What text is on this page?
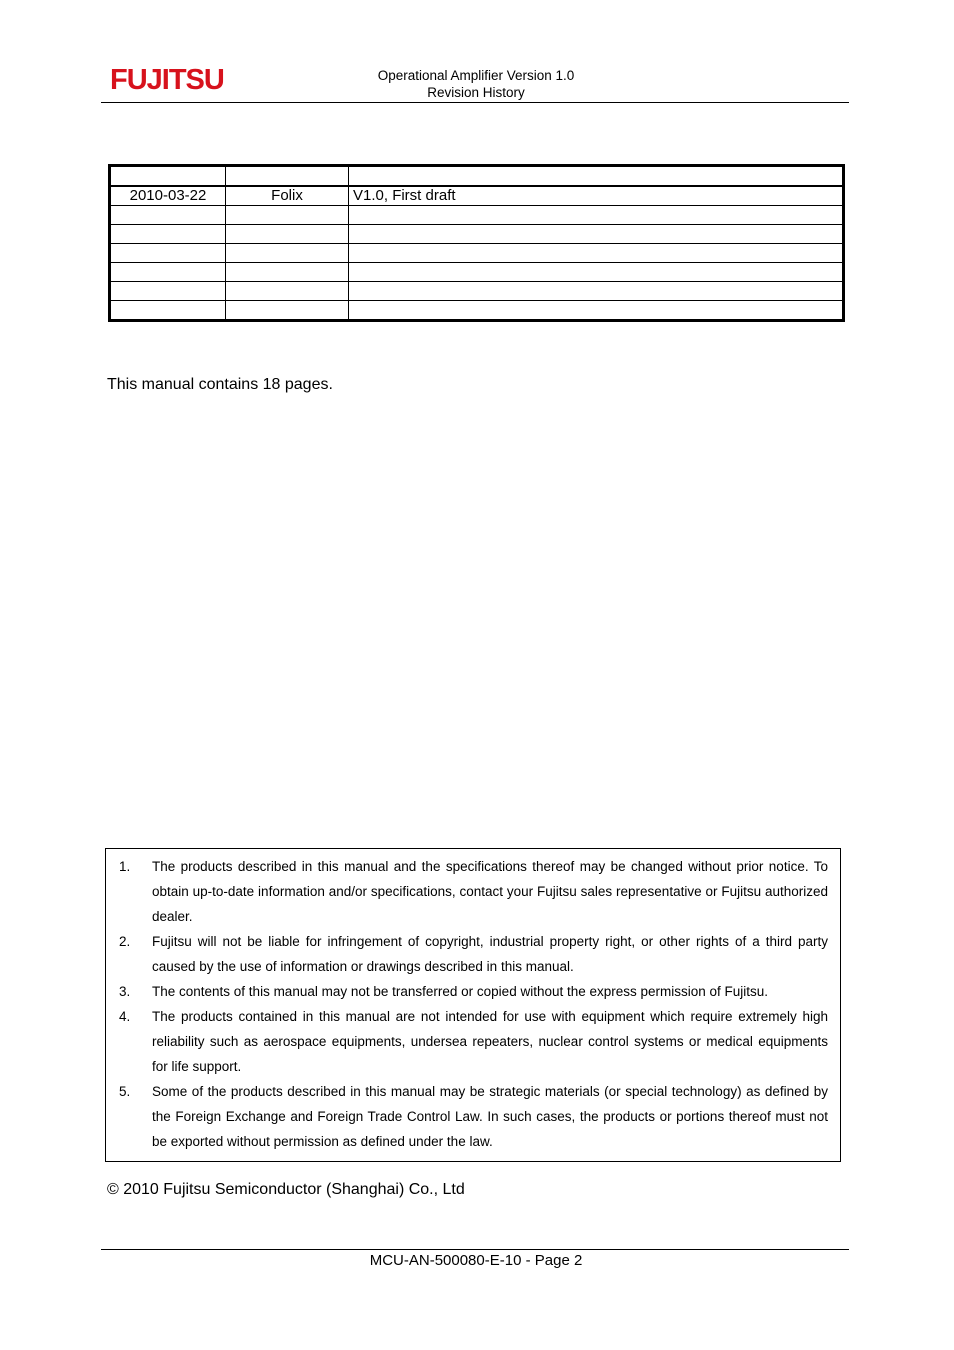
FUJITSU	Operational Amplifier Version 1.0
Revision History

2010-03-22	Folix	V1.0, First draft

This manual contains 18 pages.
1.	The products described in this manual and the specifications thereof may be changed without prior notice. To obtain up-to-date information and/or specifications, contact your Fujitsu sales representative or Fujitsu authorized dealer.
2.	Fujitsu will not be liable for infringement of copyright, industrial property right, or other rights of a third party caused by the use of information or drawings described in this manual.
3.	The contents of this manual may not be transferred or copied without the express permission of Fujitsu.
4.	The products contained in this manual are not intended for use with equipment which require extremely high reliability such as aerospace equipments, undersea repeaters, nuclear control systems or medical equipments for life support.
5.	Some of the products described in this manual may be strategic materials (or special technology) as defined by the Foreign Exchange and Foreign Trade Control Law. In such cases, the products or portions thereof must not be exported without permission as defined under the law.
© 2010 Fujitsu Semiconductor (Shanghai) Co., Ltd
MCU-AN-500080-E-10 - Page 2
